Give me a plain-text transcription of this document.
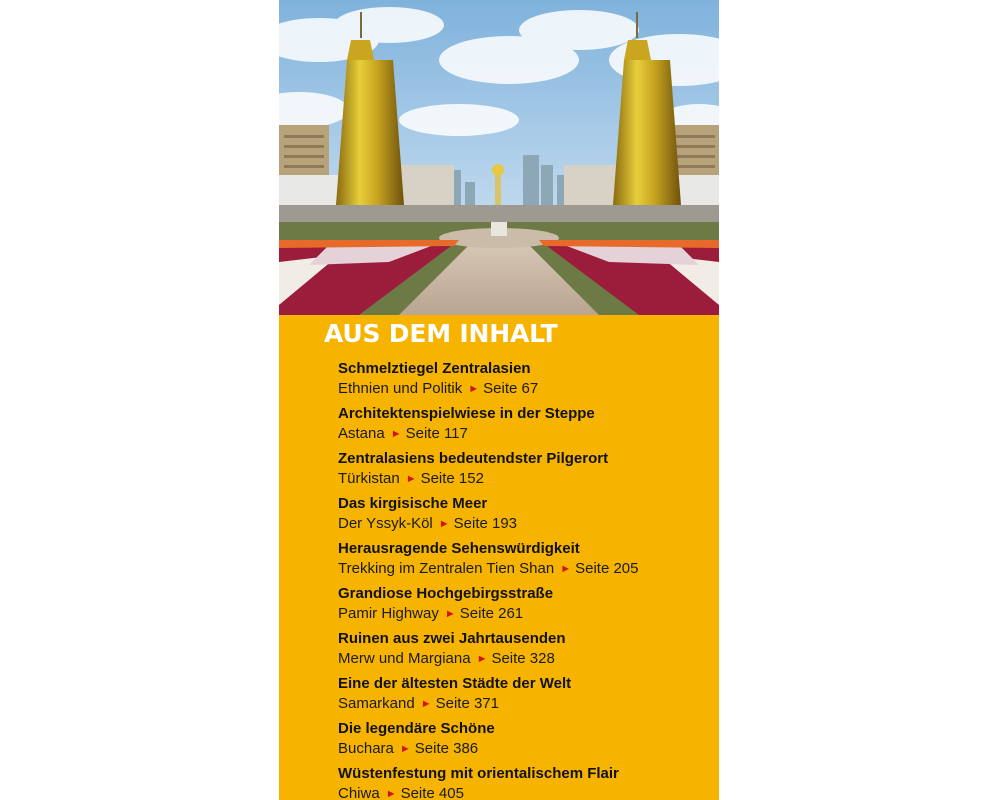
AUS DEM INHALT
Schmelztiegel Zentralasien
Ethnien und Politik ► Seite 67
Architektenspielwiese in der Steppe
Astana ► Seite 117
Zentralasiens bedeutendster Pilgerort
Türkistan ► Seite 152
Das kirgisische Meer
Der Yssyk-Köl ► Seite 193
Herausragende Sehenswürdigkeit
Trekking im Zentralen Tien Shan ► Seite 205
Grandiose Hochgebirgsstraße
Pamir Highway ► Seite 261
Ruinen aus zwei Jahrtausenden
Merw und Margiana ► Seite 328
Eine der ältesten Städte der Welt
Samarkand ► Seite 371
Die legendäre Schöne
Buchara ► Seite 386
Wüstenfestung mit orientalischem Flair
Chiwa ► Seite 405
